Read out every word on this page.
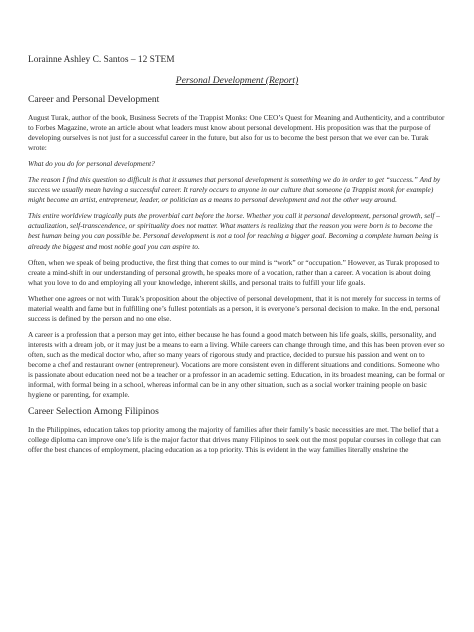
Lorainne Ashley C. Santos – 12 STEM
Personal Development (Report)
Career and Personal Development

August Turak, author of the book, Business Secrets of the Trappist Monks: One CEO’s Quest for Meaning and Authenticity, and a contributor to Forbes Magazine, wrote an article about what leaders must know about personal development. His proposition was that the purpose of developing ourselves is not just for a successful career in the future, but also for us to become the best person that we ever can be. Turak wrote:

What do you do for personal development?

The reason I find this question so difficult is that it assumes that personal development is something we do in order to get “success.” And by success we usually mean having a successful career. It rarely occurs to anyone in our culture that someone (a Trappist monk for example) might become an artist, entrepreneur, leader, or politician as a means to personal development and not the other way around.

This entire worldview tragically puts the proverbial cart before the horse. Whether you call it personal development, personal growth, self – actualization, self-transcendence, or spirituality does not matter. What matters is realizing that the reason you were born is to become the best human being you can possible be. Personal development is not a tool for reaching a bigger goal. Becoming a complete human being is already the biggest and most noble goal you can aspire to.

Often, when we speak of being productive, the first thing that comes to our mind is “work” or “occupation.” However, as Turak proposed to create a mind-shift in our understanding of personal growth, he speaks more of a vocation, rather than a career. A vocation is about doing what you love to do and employing all your knowledge, inherent skills, and personal traits to fulfill your life goals.

Whether one agrees or not with Turak’s proposition about the objective of personal development, that it is not merely for success in terms of material wealth and fame but in fulfilling one’s fullest potentials as a person, it is everyone’s personal decision to make. In the end, personal success is defined by the person and no one else.

A career is a profession that a person may get into, either because he has found a good match between his life goals, skills, personality, and interests with a dream job, or it may just be a means to earn a living. While careers can change through time, and this has been proven ever so often, such as the medical doctor who, after so many years of rigorous study and practice, decided to pursue his passion and went on to become a chef and restaurant owner (entrepreneur). Vocations are more consistent even in different situations and conditions. Someone who is passionate about education need not be a teacher or a professor in an academic setting. Education, in its broadest meaning, can be formal or informal, with formal being in a school, whereas informal can be in any other situation, such as a social worker training people on basic hygiene or parenting, for example.

Career Selection Among Filipinos

In the Philippines, education takes top priority among the majority of families after their family’s basic necessities are met. The belief that a college diploma can improve one’s life is the major factor that drives many Filipinos to seek out the most popular courses in college that can offer the best chances of employment, placing education as a top priority. This is evident in the way families literally enshrine the
